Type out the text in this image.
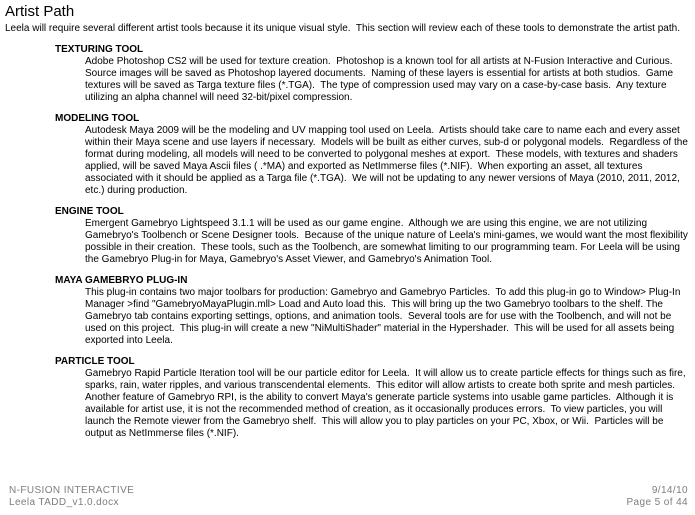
Artist Path

Leela will require several different artist tools because it its unique visual style.  This section will review each of these tools to demonstrate the artist path.

TEXTURING TOOL

Adobe Photoshop CS2 will be used for texture creation.  Photoshop is a known tool for all artists at N-Fusion Interactive and Curious.  Source images will be saved as Photoshop layered documents.  Naming of these layers is essential for artists at both studios.  Game textures will be saved as Targa texture files (*.TGA).  The type of compression used may vary on a case-by-case basis.  Any texture utilizing an alpha channel will need 32-bit/pixel compression.

MODELING TOOL

Autodesk Maya 2009 will be the modeling and UV mapping tool used on Leela.  Artists should take care to name each and every asset within their Maya scene and use layers if necessary.  Models will be built as either curves, sub-d or polygonal models.  Regardless of the format during modeling, all models will need to be converted to polygonal meshes at export.  These models, with textures and shaders applied, will be saved Maya Ascii files ( .*MA) and exported as NetImmerse files (*.NIF).  When exporting an asset, all textures associated with it should be applied as a Targa file (*.TGA).  We will not be updating to any newer versions of Maya (2010, 2011, 2012, etc.) during production.

ENGINE TOOL

Emergent Gamebryo Lightspeed 3.1.1 will be used as our game engine.  Although we are using this engine, we are not utilizing Gamebryo's Toolbench or Scene Designer tools.  Because of the unique nature of Leela's mini-games, we would want the most flexibility possible in their creation.  These tools, such as the Toolbench, are somewhat limiting to our programming team. For Leela will be using the Gamebryo Plug-in for Maya, Gamebryo's Asset Viewer, and Gamebryo's Animation Tool.

MAYA GAMEBRYO PLUG-IN

This plug-in contains two major toolbars for production: Gamebryo and Gamebryo Particles.  To add this plug-in go to Window> Plug-In Manager >find "GamebryoMayaPlugin.mll> Load and Auto load this.  This will bring up the two Gamebryo toolbars to the shelf. The Gamebryo tab contains exporting settings, options, and animation tools.  Several tools are for use with the Toolbench, and will not be used on this project.  This plug-in will create a new "NiMultiShader" material in the Hypershader.  This will be used for all assets being exported into Leela.

PARTICLE TOOL

Gamebryo Rapid Particle Iteration tool will be our particle editor for Leela.  It will allow us to create particle effects for things such as fire, sparks, rain, water ripples, and various transcendental elements.  This editor will allow artists to create both sprite and mesh particles.  Another feature of Gamebryo RPI, is the ability to convert Maya's generate particle systems into usable game particles.  Although it is available for artist use, it is not the recommended method of creation, as it occasionally produces errors.  To view particles, you will launch the Remote viewer from the Gamebryo shelf.  This will allow you to play particles on your PC, Xbox, or Wii.  Particles will be output as NetImmerse files (*.NIF).

N-FUSION INTERACTIVE
Leela TADD_v1.0.docx
9/14/10
Page 5 of 44
